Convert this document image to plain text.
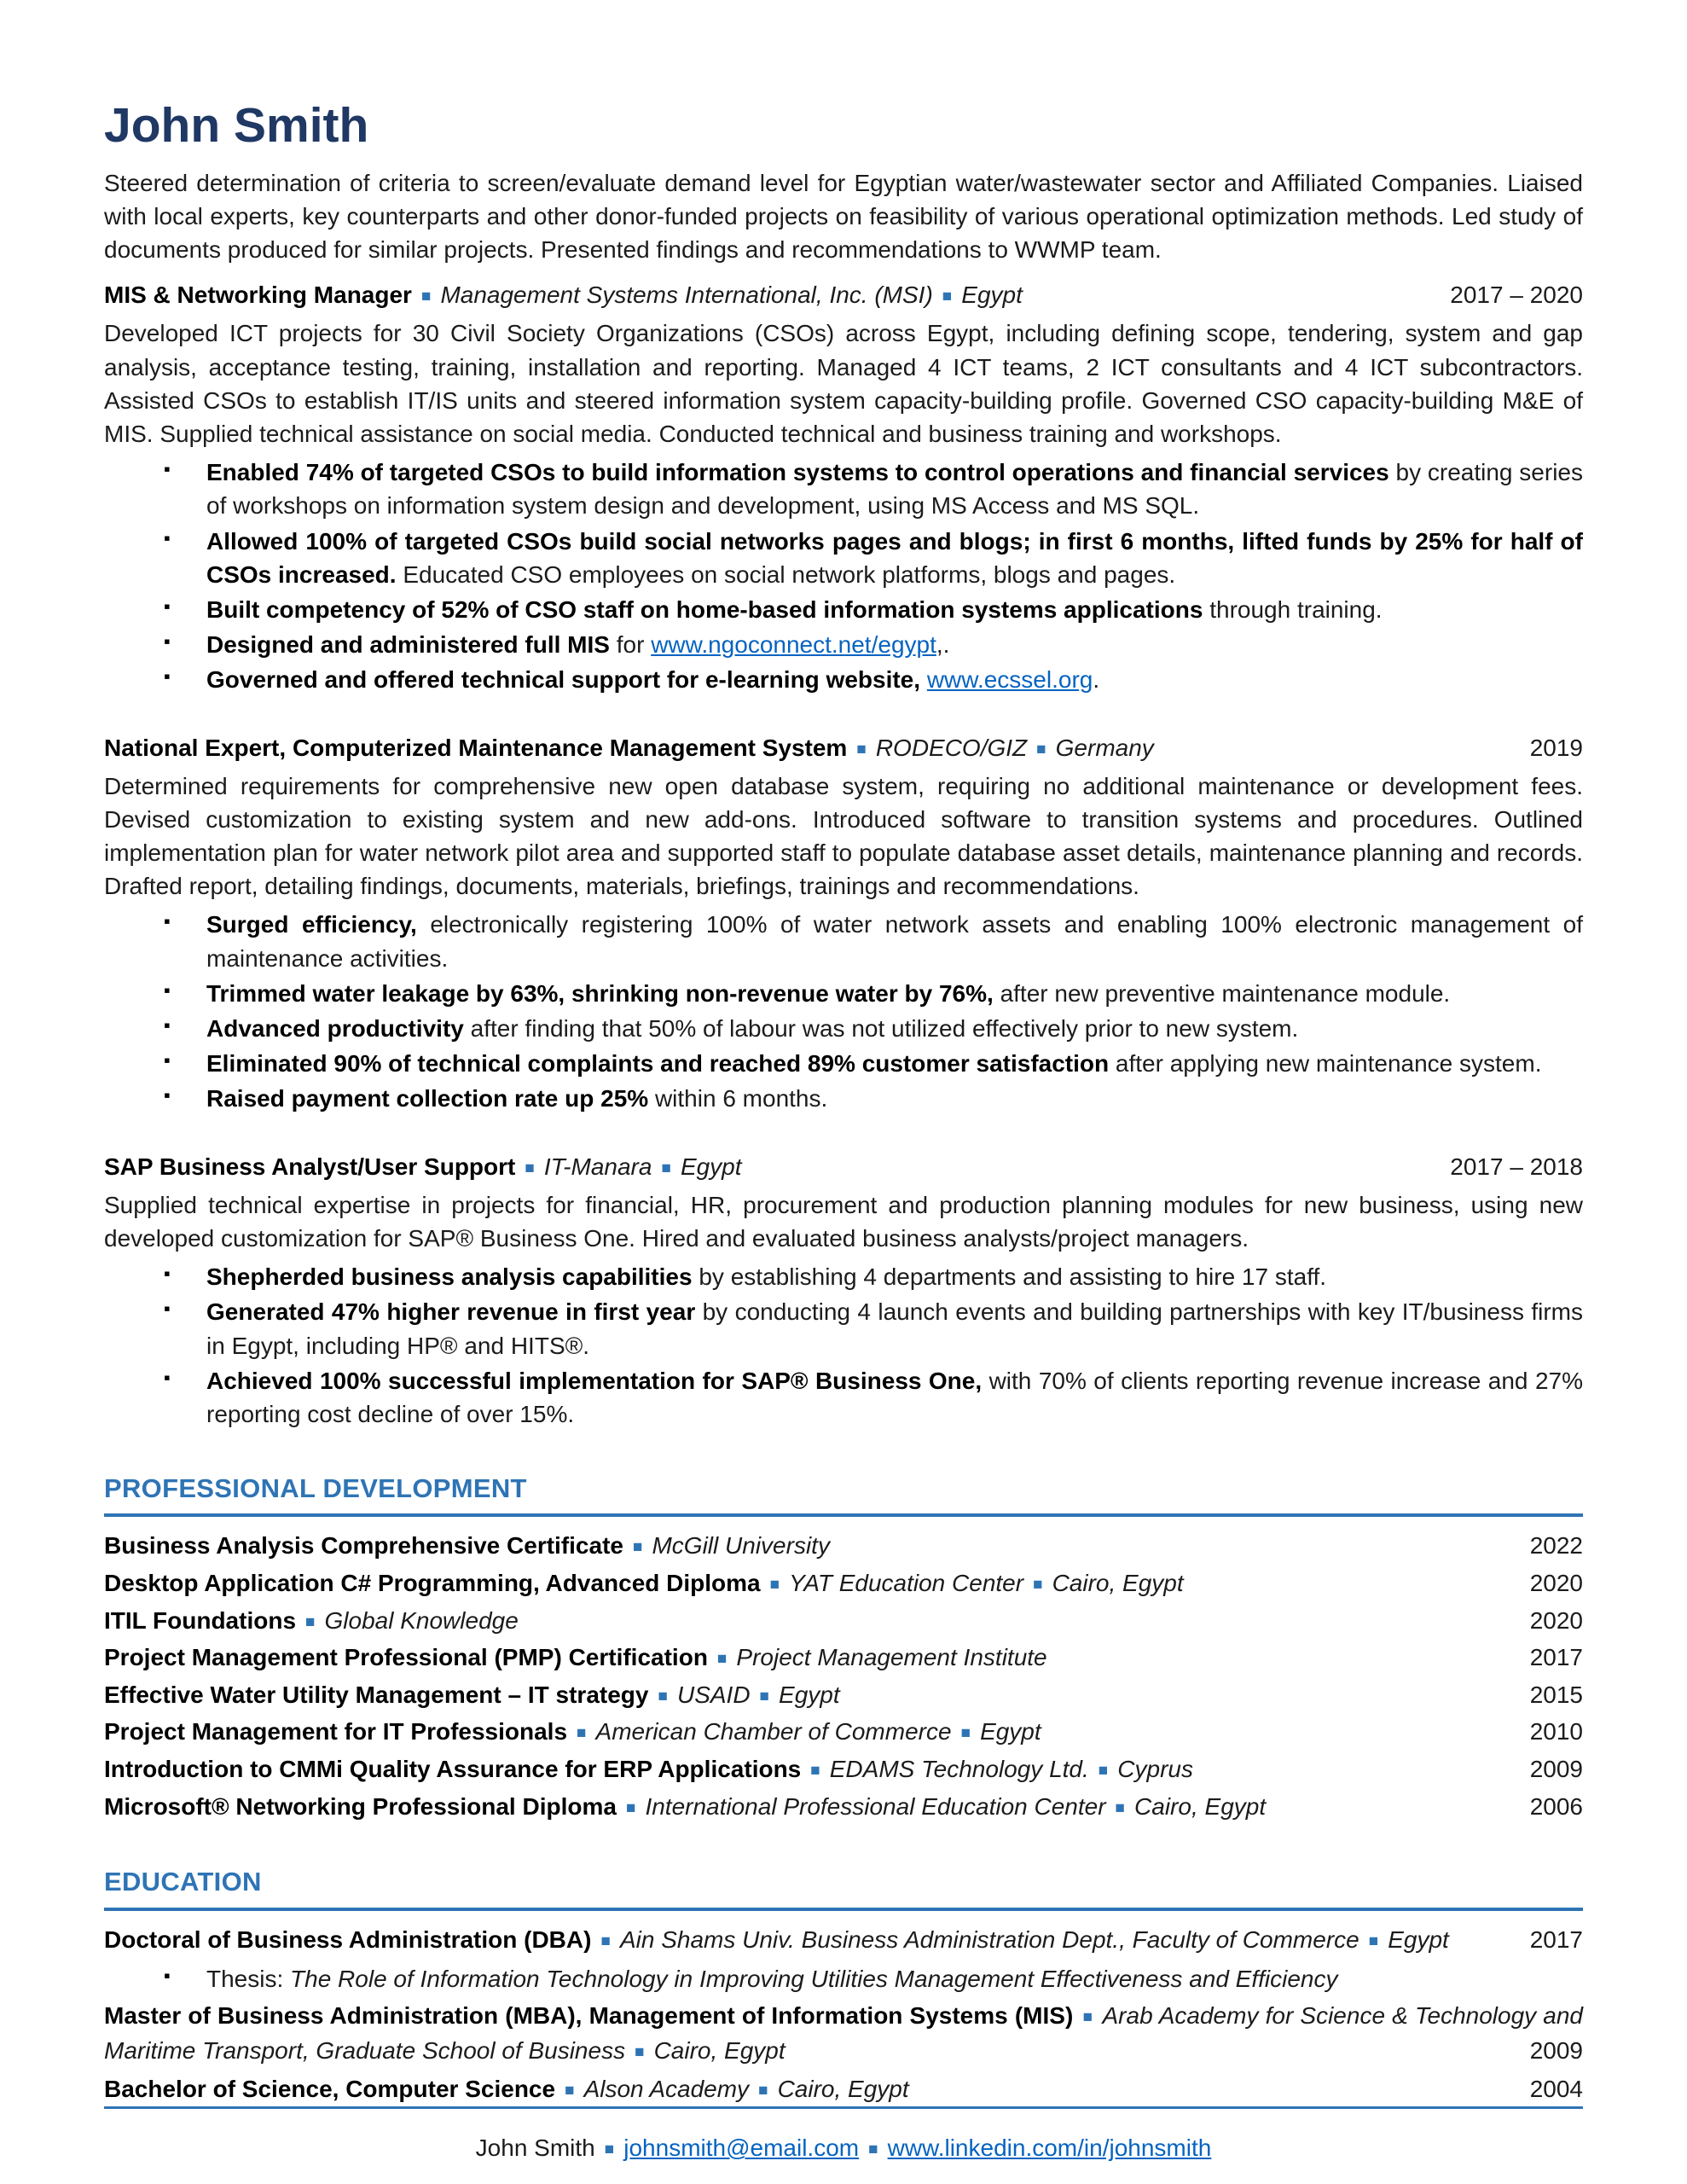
John Smith

Steered determination of criteria to screen/evaluate demand level for Egyptian water/wastewater sector and Affiliated Companies. Liaised with local experts, key counterparts and other donor-funded projects on feasibility of various operational optimization methods. Led study of documents produced for similar projects. Presented findings and recommendations to WWMP team.

MIS & Networking Manager ■ Management Systems International, Inc. (MSI) ■ Egypt	2017 – 2020

Developed ICT projects for 30 Civil Society Organizations (CSOs) across Egypt, including defining scope, tendering, system and gap analysis, acceptance testing, training, installation and reporting. Managed 4 ICT teams, 2 ICT consultants and 4 ICT subcontractors. Assisted CSOs to establish IT/IS units and steered information system capacity-building profile. Governed CSO capacity-building M&E of MIS. Supplied technical assistance on social media. Conducted technical and business training and workshops.

▪ Enabled 74% of targeted CSOs to build information systems to control operations and financial services by creating series of workshops on information system design and development, using MS Access and MS SQL.
▪ Allowed 100% of targeted CSOs build social networks pages and blogs; in first 6 months, lifted funds by 25% for half of CSOs increased. Educated CSO employees on social network platforms, blogs and pages.
▪ Built competency of 52% of CSO staff on home-based information systems applications through training.
▪ Designed and administered full MIS for www.ngoconnect.net/egypt,.
▪ Governed and offered technical support for e-learning website, www.ecssel.org.
National Expert, Computerized Maintenance Management System ■ RODECO/GIZ ■ Germany	2019

Determined requirements for comprehensive new open database system, requiring no additional maintenance or development fees. Devised customization to existing system and new add-ons. Introduced software to transition systems and procedures. Outlined implementation plan for water network pilot area and supported staff to populate database asset details, maintenance planning and records. Drafted report, detailing findings, documents, materials, briefings, trainings and recommendations.

▪ Surged efficiency, electronically registering 100% of water network assets and enabling 100% electronic management of maintenance activities.
▪ Trimmed water leakage by 63%, shrinking non-revenue water by 76%, after new preventive maintenance module.
▪ Advanced productivity after finding that 50% of labour was not utilized effectively prior to new system.
▪ Eliminated 90% of technical complaints and reached 89% customer satisfaction after applying new maintenance system.
▪ Raised payment collection rate up 25% within 6 months.
SAP Business Analyst/User Support ■ IT-Manara ■ Egypt	2017 – 2018

Supplied technical expertise in projects for financial, HR, procurement and production planning modules for new business, using new developed customization for SAP® Business One. Hired and evaluated business analysts/project managers.

▪ Shepherded business analysis capabilities by establishing 4 departments and assisting to hire 17 staff.
▪ Generated 47% higher revenue in first year by conducting 4 launch events and building partnerships with key IT/business firms in Egypt, including HP® and HITS®.
▪ Achieved 100% successful implementation for SAP® Business One, with 70% of clients reporting revenue increase and 27% reporting cost decline of over 15%.
PROFESSIONAL DEVELOPMENT
Business Analysis Comprehensive Certificate ■ McGill University	2022
Desktop Application C# Programming, Advanced Diploma ■ YAT Education Center ■ Cairo, Egypt	2020
ITIL Foundations ■ Global Knowledge	2020
Project Management Professional (PMP) Certification ■ Project Management Institute	2017
Effective Water Utility Management – IT strategy ■ USAID ■ Egypt	2015
Project Management for IT Professionals ■ American Chamber of Commerce ■ Egypt	2010
Introduction to CMMi Quality Assurance for ERP Applications ■ EDAMS Technology Ltd. ■ Cyprus	2009
Microsoft® Networking Professional Diploma ■ International Professional Education Center ■ Cairo, Egypt	2006
EDUCATION
Doctoral of Business Administration (DBA) ■ Ain Shams Univ. Business Administration Dept., Faculty of Commerce ■ Egypt	2017
▪ Thesis: The Role of Information Technology in Improving Utilities Management Effectiveness and Efficiency
Master of Business Administration (MBA), Management of Information Systems (MIS) ■ Arab Academy for Science & Technology and Maritime Transport, Graduate School of Business ■ Cairo, Egypt	2009
Bachelor of Science, Computer Science ■ Alson Academy ■ Cairo, Egypt	2004
John Smith ■ johnsmith@email.com ■ www.linkedin.com/in/johnsmith
